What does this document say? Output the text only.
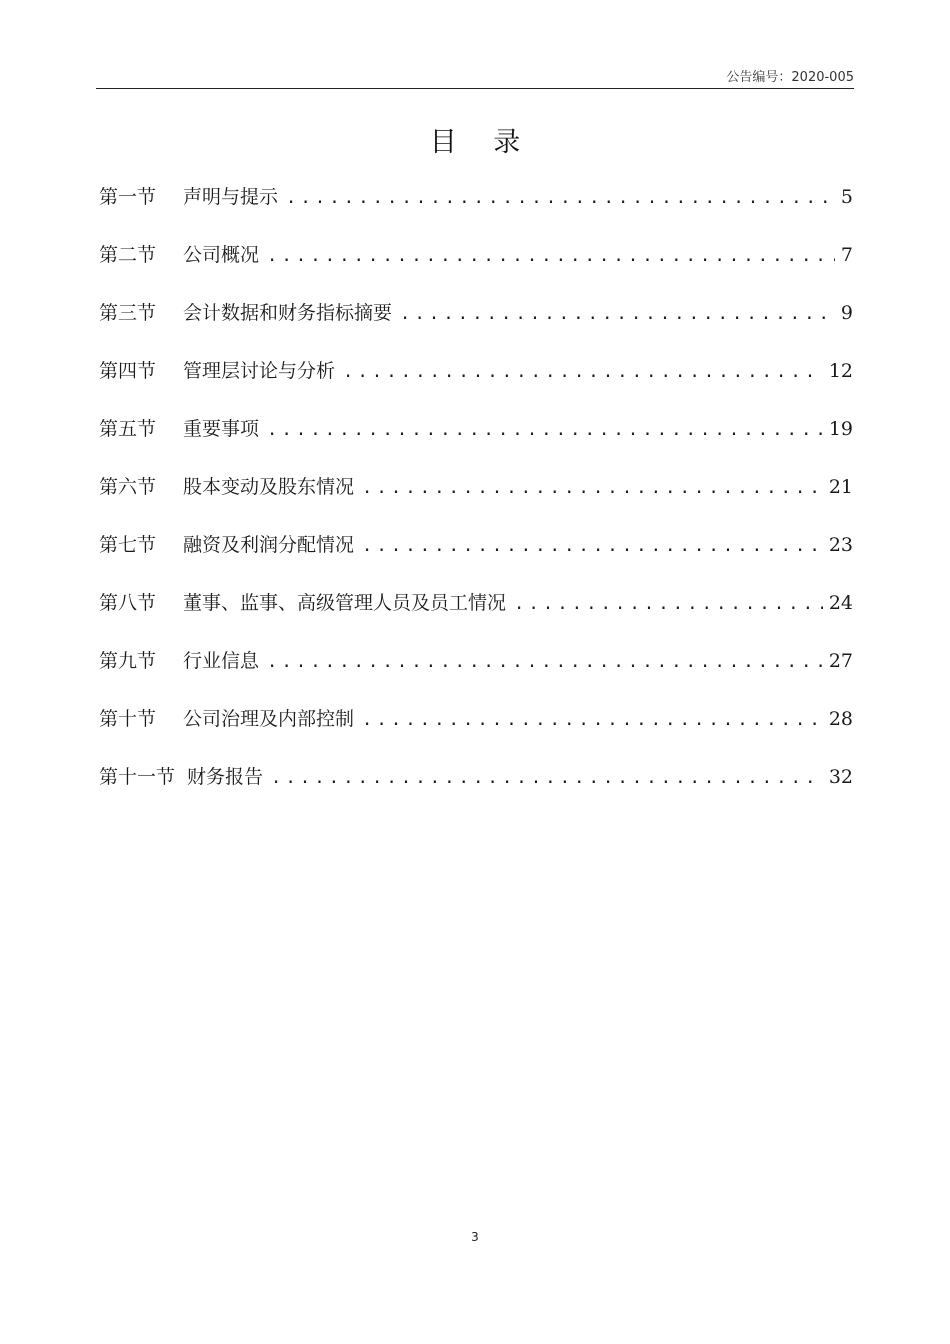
公告编号：2020-005
目 录
第一节	声明与提示 .....	5
第二节	公司概况 .....	7
第三节	会计数据和财务指标摘要 .....	9
第四节	管理层讨论与分析 .....	12
第五节	重要事项 .....	19
第六节	股本变动及股东情况 .....	21
第七节	融资及利润分配情况 .....	23
第八节	董事、监事、高级管理人员及员工情况 .....	24
第九节	行业信息 .....	27
第十节	公司治理及内部控制 .....	28
第十一节 财务报告 .....	32
3
